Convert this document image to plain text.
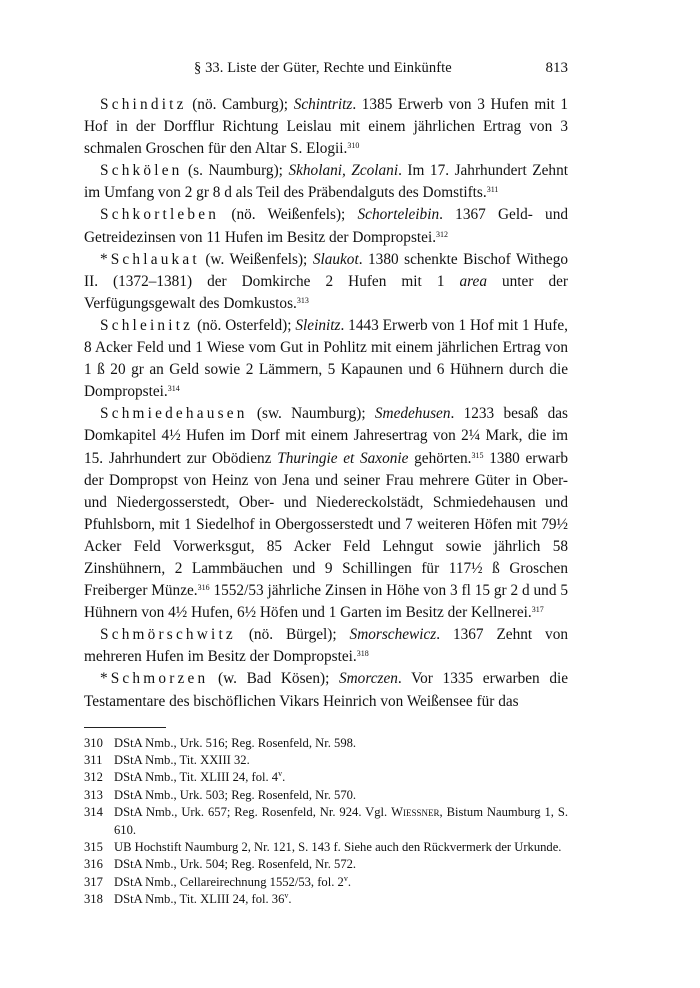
§ 33. Liste der Güter, Rechte und Einkünfte	813

Schinditz (nö. Camburg); Schintritz. 1385 Erwerb von 3 Hufen mit 1 Hof in der Dorfflur Richtung Leislau mit einem jährlichen Ertrag von 3 schmalen Groschen für den Altar S. Elogii.$^{310}$

Schkölen (s. Naumburg); Skholani, Zcolani. Im 17. Jahrhundert Zehnt im Umfang von 2 gr 8 d als Teil des Präbendalguts des Domstifts.$^{311}$

Schkortleben (nö. Weißenfels); Schorteleibin. 1367 Geld- und Getreidezinsen von 11 Hufen im Besitz der Dompropstei.$^{312}$

* Schlaukat (w. Weißenfels); Slaukot. 1380 schenkte Bischof Withego II. (1372–1381) der Domkirche 2 Hufen mit 1 area unter der Verfügungsgewalt des Domkustos.$^{313}$

Schleinitz (nö. Osterfeld); Sleinitz. 1443 Erwerb von 1 Hof mit 1 Hufe, 8 Acker Feld und 1 Wiese vom Gut in Pohlitz mit einem jährlichen Ertrag von 1 ß 20 gr an Geld sowie 2 Lämmern, 5 Kapaunen und 6 Hühnern durch die Dompropstei.$^{314}$

Schmiedehausen (sw. Naumburg); Smedehusen. 1233 besaß das Domkapitel 4½ Hufen im Dorf mit einem Jahresertrag von 2¼ Mark, die im 15. Jahrhundert zur Obödienz Thuringie et Saxonie gehörten.$^{315}$ 1380 erwarb der Dompropst von Heinz von Jena und seiner Frau mehrere Güter in Ober- und Niedergosserstedt, Ober- und Niedereckolstädt, Schmiedehausen und Pfuhlsborn, mit 1 Siedelhof in Obergosserstedt und 7 weiteren Höfen mit 79½ Acker Feld Vorwerksgut, 85 Acker Feld Lehngut sowie jährlich 58 Zinshühnern, 2 Lammbäuchen und 9 Schillingen für 117½ ß Groschen Freiberger Münze.$^{316}$ 1552/53 jährliche Zinsen in Höhe von 3 fl 15 gr 2 d und 5 Hühnern von 4½ Hufen, 6½ Höfen und 1 Garten im Besitz der Kellnerei.$^{317}$

Schmörschwitz (nö. Bürgel); Smorschewicz. 1367 Zehnt von mehreren Hufen im Besitz der Dompropstei.$^{318}$

* Schmorzen (w. Bad Kösen); Smorczen. Vor 1335 erwarben die Testamentare des bischöflichen Vikars Heinrich von Weißensee für das

310 DStA Nmb., Urk. 516; Reg. Rosenfeld, Nr. 598.
311 DStA Nmb., Tit. XXIII 32.
312 DStA Nmb., Tit. XLIII 24, fol. 4$^v$.
313 DStA Nmb., Urk. 503; Reg. Rosenfeld, Nr. 570.
314 DStA Nmb., Urk. 657; Reg. Rosenfeld, Nr. 924. Vgl. Wiessner, Bistum Naumburg 1, S. 610.
315 UB Hochstift Naumburg 2, Nr. 121, S. 143 f. Siehe auch den Rückvermerk der Urkunde.
316 DStA Nmb., Urk. 504; Reg. Rosenfeld, Nr. 572.
317 DStA Nmb., Cellareirechnung 1552/53, fol. 2$^v$.
318 DStA Nmb., Tit. XLIII 24, fol. 36$^v$.
